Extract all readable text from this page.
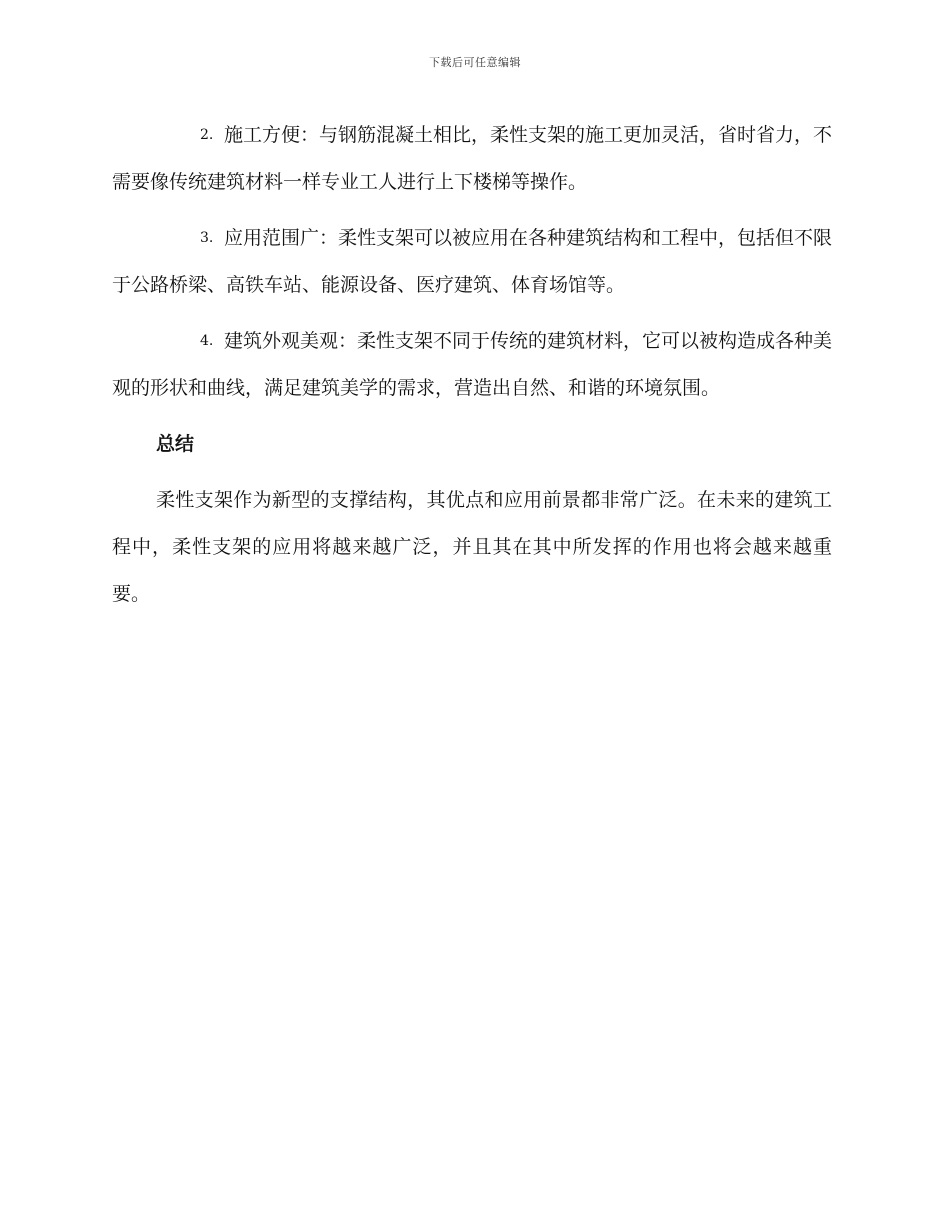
下载后可任意编辑

2. 施工方便：与钢筋混凝土相比，柔性支架的施工更加灵活，省时省力，不需要像传统建筑材料一样专业工人进行上下楼梯等操作。

3. 应用范围广：柔性支架可以被应用在各种建筑结构和工程中，包括但不限于公路桥梁、高铁车站、能源设备、医疗建筑、体育场馆等。

4. 建筑外观美观：柔性支架不同于传统的建筑材料，它可以被构造成各种美观的形状和曲线，满足建筑美学的需求，营造出自然、和谐的环境氛围。

总结

柔性支架作为新型的支撑结构，其优点和应用前景都非常广泛。在未来的建筑工程中，柔性支架的应用将越来越广泛，并且其在其中所发挥的作用也将会越来越重要。
